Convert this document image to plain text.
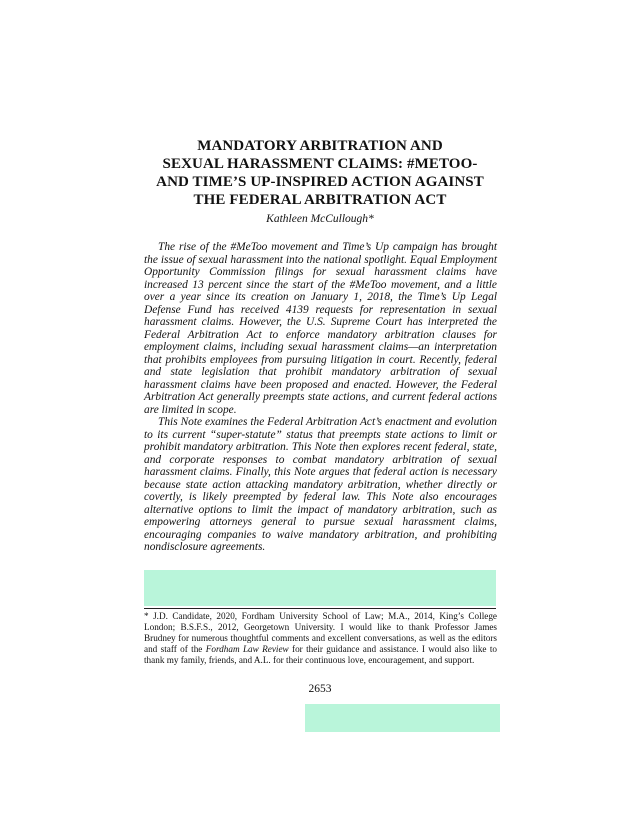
MANDATORY ARBITRATION AND
SEXUAL HARASSMENT CLAIMS: #METOO-
AND TIME’S UP-INSPIRED ACTION AGAINST
THE FEDERAL ARBITRATION ACT
Kathleen McCullough*

The rise of the #MeToo movement and Time’s Up campaign has brought the issue of sexual harassment into the national spotlight. Equal Employment Opportunity Commission filings for sexual harassment claims have increased 13 percent since the start of the #MeToo movement, and a little over a year since its creation on January 1, 2018, the Time’s Up Legal Defense Fund has received 4139 requests for representation in sexual harassment claims. However, the U.S. Supreme Court has interpreted the Federal Arbitration Act to enforce mandatory arbitration clauses for employment claims, including sexual harassment claims—an interpretation that prohibits employees from pursuing litigation in court. Recently, federal and state legislation that prohibit mandatory arbitration of sexual harassment claims have been proposed and enacted. However, the Federal Arbitration Act generally preempts state actions, and current federal actions are limited in scope.

This Note examines the Federal Arbitration Act’s enactment and evolution to its current “super-statute” status that preempts state actions to limit or prohibit mandatory arbitration. This Note then explores recent federal, state, and corporate responses to combat mandatory arbitration of sexual harassment claims. Finally, this Note argues that federal action is necessary because state action attacking mandatory arbitration, whether directly or covertly, is likely preempted by federal law. This Note also encourages alternative options to limit the impact of mandatory arbitration, such as empowering attorneys general to pursue sexual harassment claims, encouraging companies to waive mandatory arbitration, and prohibiting nondisclosure agreements.

* J.D. Candidate, 2020, Fordham University School of Law; M.A., 2014, King’s College London; B.S.F.S., 2012, Georgetown University. I would like to thank Professor James Brudney for numerous thoughtful comments and excellent conversations, as well as the editors and staff of the Fordham Law Review for their guidance and assistance. I would also like to thank my family, friends, and A.L. for their continuous love, encouragement, and support.
2653
